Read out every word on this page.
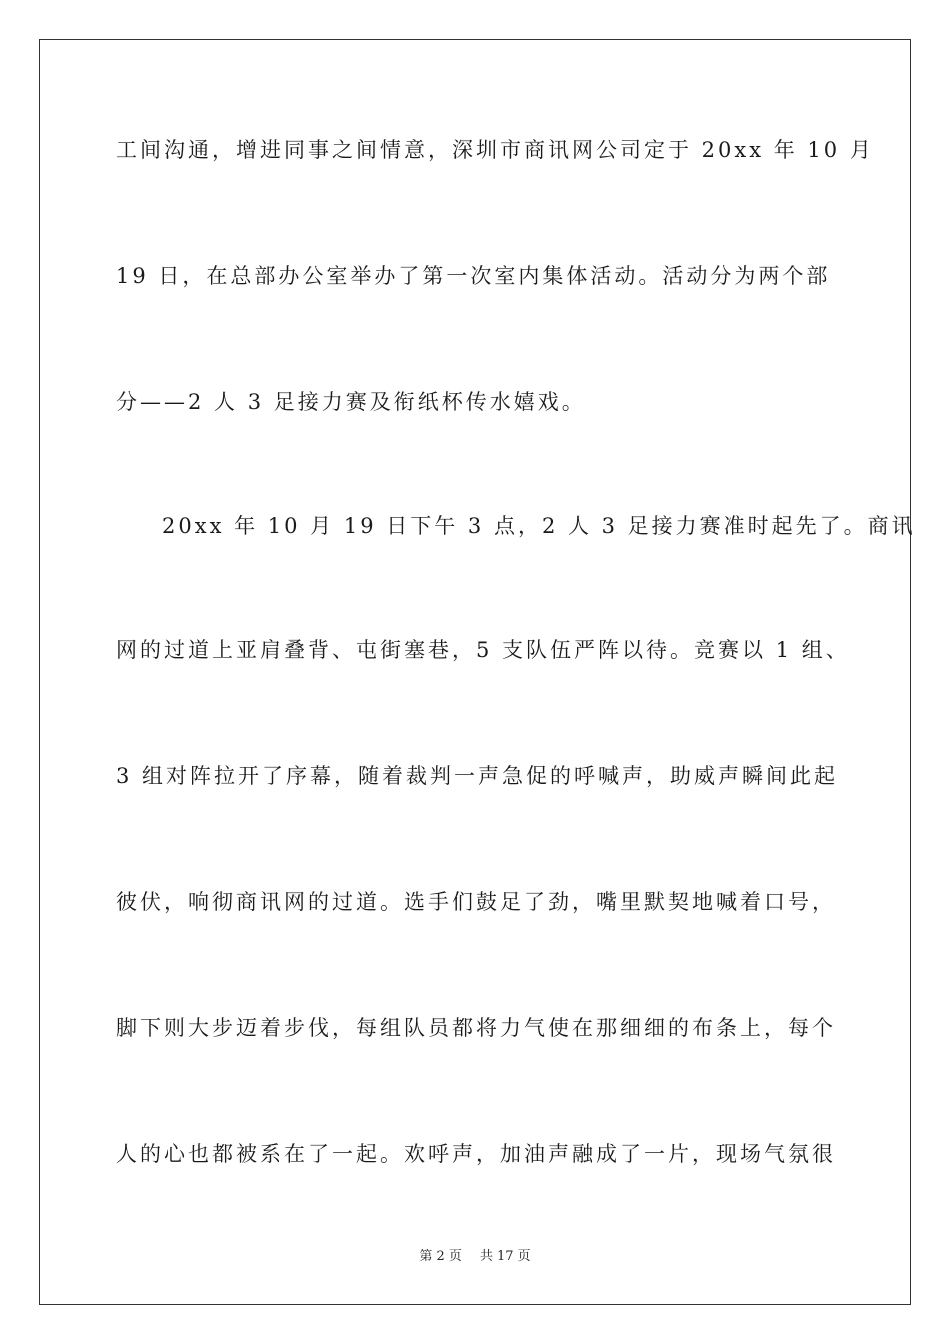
工间沟通，增进同事之间情意，深圳市商讯网公司定于 20xx 年 10 月
19 日，在总部办公室举办了第一次室内集体活动。活动分为两个部
分——2 人 3 足接力赛及衔纸杯传水嬉戏。
20xx 年 10 月 19 日下午 3 点，2 人 3 足接力赛准时起先了。商讯
网的过道上亚肩叠背、屯街塞巷，5 支队伍严阵以待。竞赛以 1 组、
3 组对阵拉开了序幕，随着裁判一声急促的呼喊声，助威声瞬间此起
彼伏，响彻商讯网的过道。选手们鼓足了劲，嘴里默契地喊着口号，
脚下则大步迈着步伐，每组队员都将力气使在那细细的布条上，每个
人的心也都被系在了一起。欢呼声，加油声融成了一片，现场气氛很
第 2 页 共 17 页
